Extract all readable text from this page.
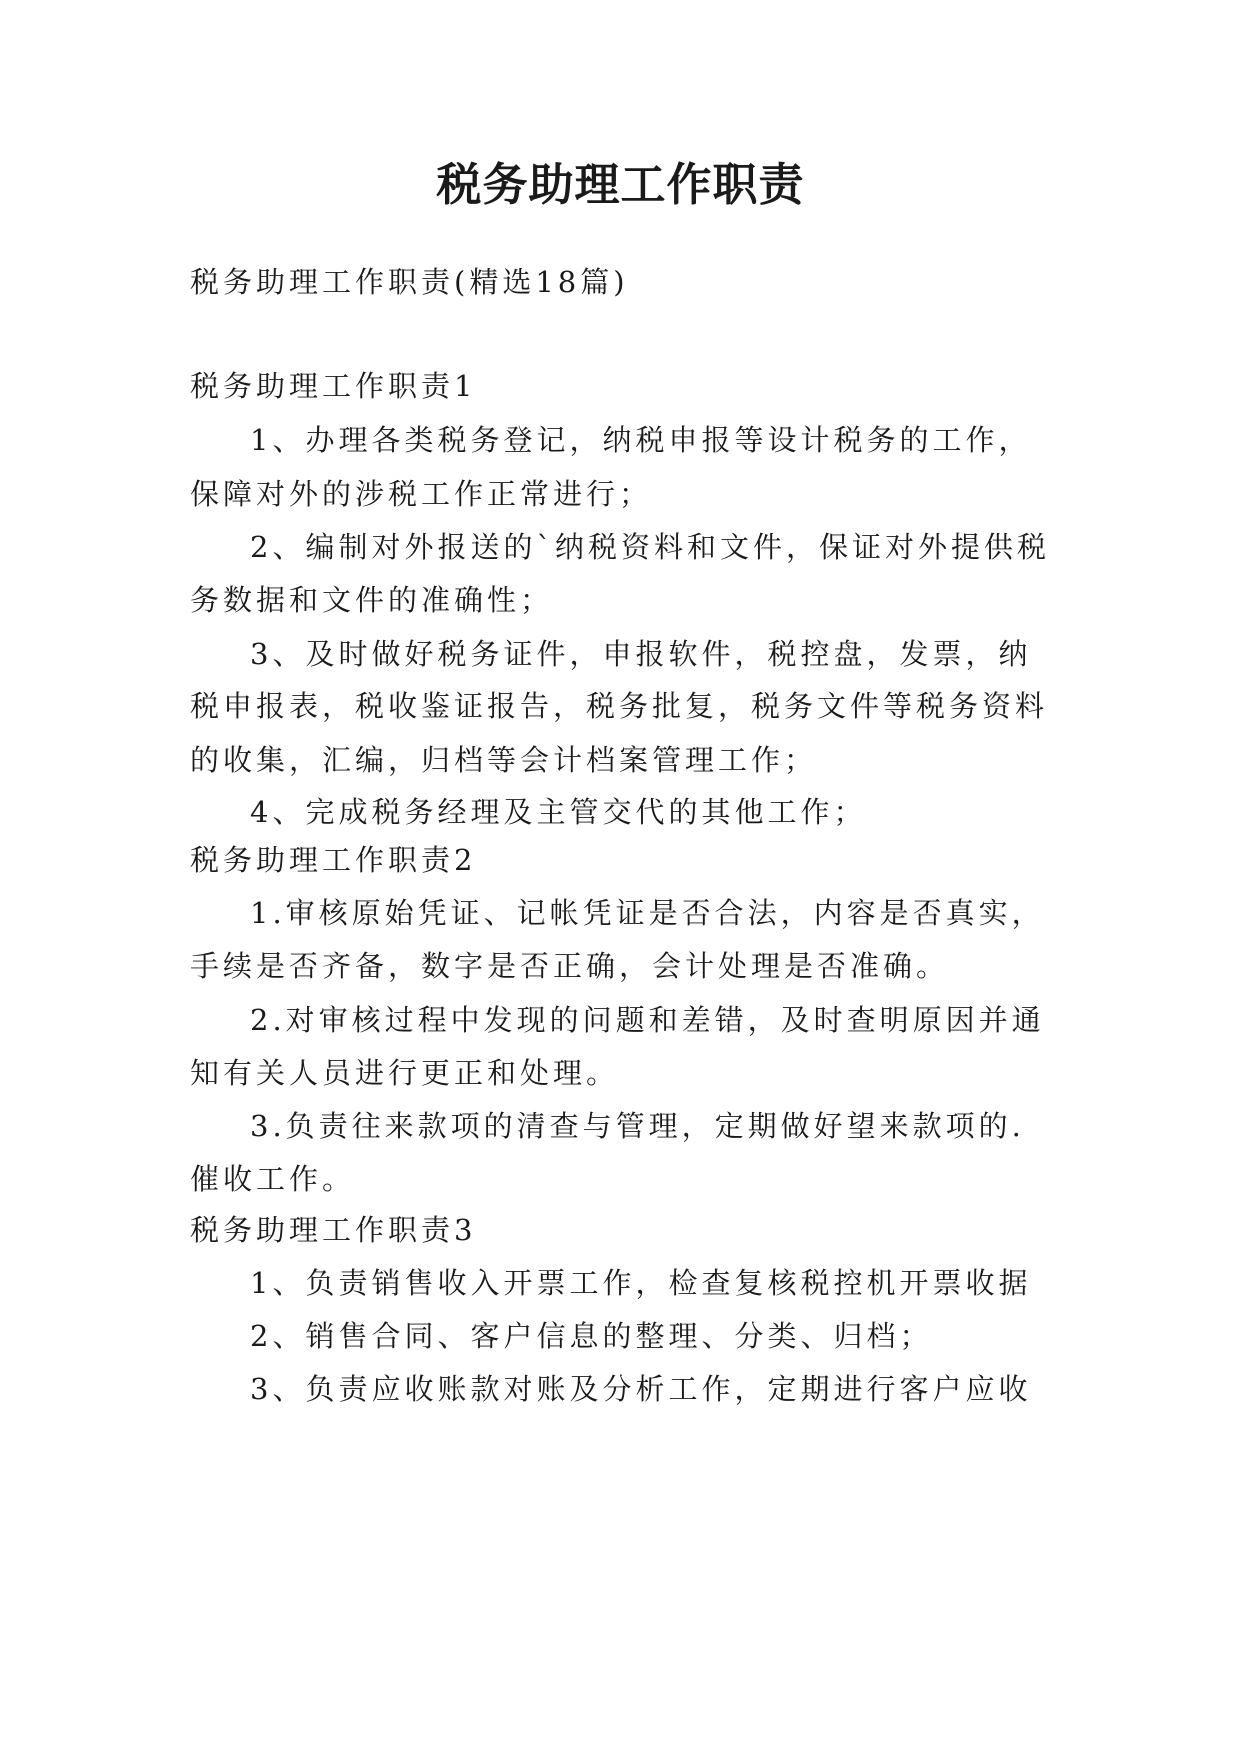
税务助理工作职责
税务助理工作职责(精选18篇)
税务助理工作职责1
1、办理各类税务登记，纳税申报等设计税务的工作，
保障对外的涉税工作正常进行；
2、编制对外报送的`纳税资料和文件，保证对外提供税
务数据和文件的准确性；
3、及时做好税务证件，申报软件，税控盘，发票，纳
税申报表，税收鉴证报告，税务批复，税务文件等税务资料
的收集，汇编，归档等会计档案管理工作；
4、完成税务经理及主管交代的其他工作；
税务助理工作职责2
1.审核原始凭证、记帐凭证是否合法，内容是否真实，
手续是否齐备，数字是否正确，会计处理是否准确。
2.对审核过程中发现的问题和差错，及时查明原因并通
知有关人员进行更正和处理。
3.负责往来款项的清查与管理，定期做好望来款项的.
催收工作。
税务助理工作职责3
1、负责销售收入开票工作，检查复核税控机开票收据
2、销售合同、客户信息的整理、分类、归档；
3、负责应收账款对账及分析工作，定期进行客户应收
